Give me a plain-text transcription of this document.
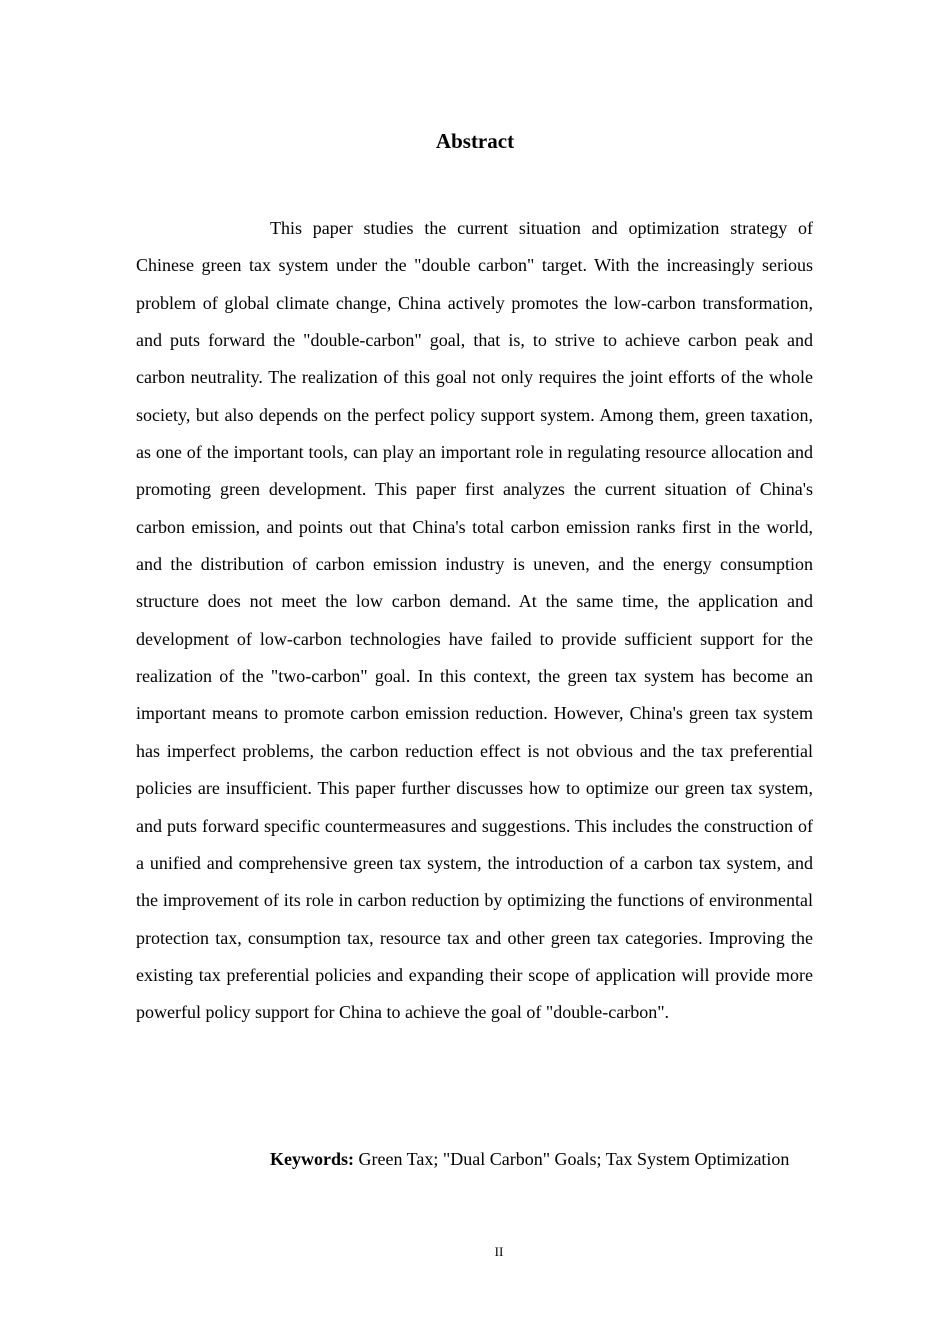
Abstract

This paper studies the current situation and optimization strategy of Chinese green tax system under the "double carbon" target. With the increasingly serious problem of global climate change, China actively promotes the low-carbon transformation, and puts forward the "double-carbon" goal, that is, to strive to achieve carbon peak and carbon neutrality. The realization of this goal not only requires the joint efforts of the whole society, but also depends on the perfect policy support system. Among them, green taxation, as one of the important tools, can play an important role in regulating resource allocation and promoting green development. This paper first analyzes the current situation of China's carbon emission, and points out that China's total carbon emission ranks first in the world, and the distribution of carbon emission industry is uneven, and the energy consumption structure does not meet the low carbon demand. At the same time, the application and development of low-carbon technologies have failed to provide sufficient support for the realization of the "two-carbon" goal. In this context, the green tax system has become an important means to promote carbon emission reduction. However, China's green tax system has imperfect problems, the carbon reduction effect is not obvious and the tax preferential policies are insufficient. This paper further discusses how to optimize our green tax system, and puts forward specific countermeasures and suggestions. This includes the construction of a unified and comprehensive green tax system, the introduction of a carbon tax system, and the improvement of its role in carbon reduction by optimizing the functions of environmental protection tax, consumption tax, resource tax and other green tax categories. Improving the existing tax preferential policies and expanding their scope of application will provide more powerful policy support for China to achieve the goal of "double-carbon".

Keywords: Green Tax; "Dual Carbon" Goals; Tax System Optimization

II
